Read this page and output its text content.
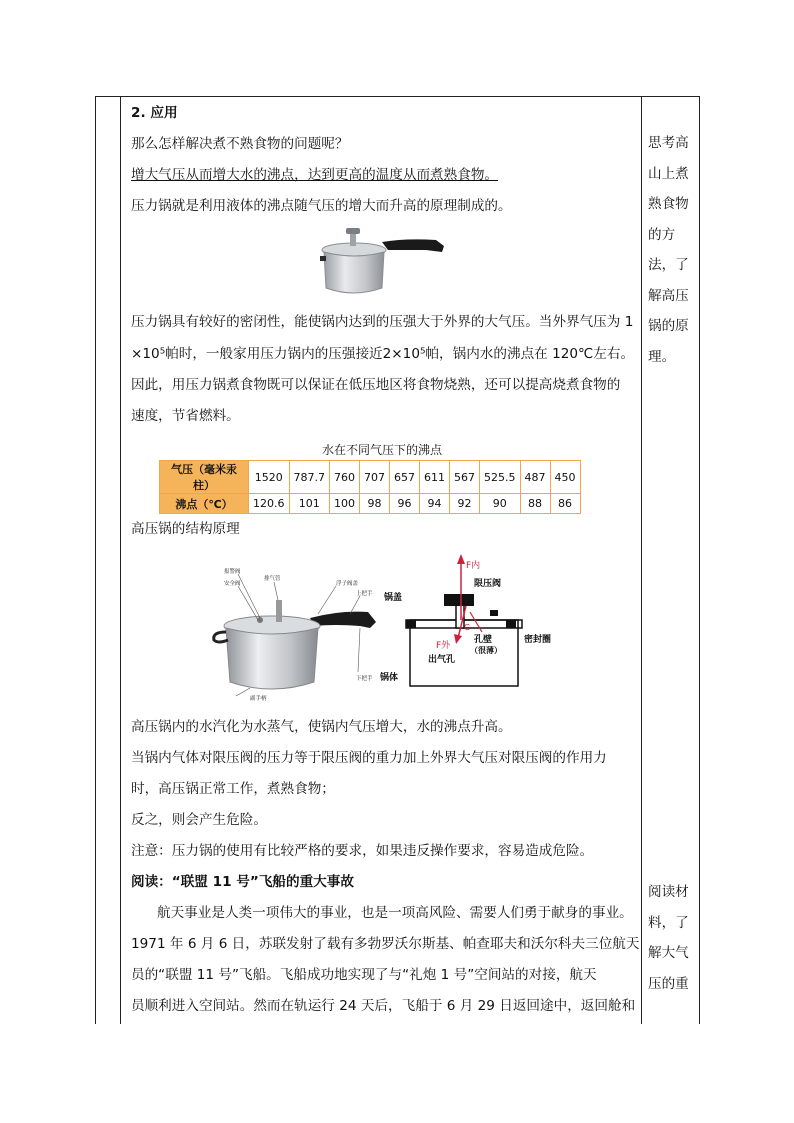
2. 应用
那么怎样解决煮不熟食物的问题呢？
增大气压从而增大水的沸点，达到更高的温度从而煮熟食物。
压力锅就是利用液体的沸点随气压的增大而升高的原理制成的。
压力锅具有较好的密闭性，能使锅内达到的压强大于外界的大气压。当外界气压为 1
×10⁵帕时，一般家用压力锅内的压强接近2×10⁵帕，锅内水的沸点在 120℃左右。
因此，用压力锅煮食物既可以保证在低压地区将食物烧熟，还可以提高烧煮食物的
速度，节省燃料。
水在不同气压下的沸点
气压（毫米汞柱）	1520	787.7	760	707	657	611	567	525.5	487	450
沸点（℃）	120.6	101	100	98	96	94	92	90	88	86
高压锅的结构原理
报警阀
安全阀
排气管
浮子阀盖
上把手
副手柄
下把手
F内
限压阀
锅盖
G
F外
孔壁
（很薄）
密封圈
出气孔
锅体
高压锅内的水汽化为水蒸气，使锅内气压增大，水的沸点升高。
当锅内气体对限压阀的压力等于限压阀的重力加上外界大气压对限压阀的作用力
时，高压锅正常工作，煮熟食物；
反之，则会产生危险。
注意：压力锅的使用有比较严格的要求，如果违反操作要求，容易造成危险。
阅读：“联盟 11 号”飞船的重大事故
航天事业是人类一项伟大的事业，也是一项高风险、需要人们勇于献身的事业。
1971 年 6 月 6 日，苏联发射了载有多勃罗沃尔斯基、帕查耶夫和沃尔科夫三位航天
员的“联盟 11 号”飞船。飞船成功地实现了与“礼炮 1 号”空间站的对接，航天
员顺利进入空间站。然而在轨运行 24 天后，飞船于 6 月 29 日返回途中，返回舱和
思考高
山上煮
熟食物
的方
法，了
解高压
锅的原
理。
阅读材
料，了
解大气
压的重
